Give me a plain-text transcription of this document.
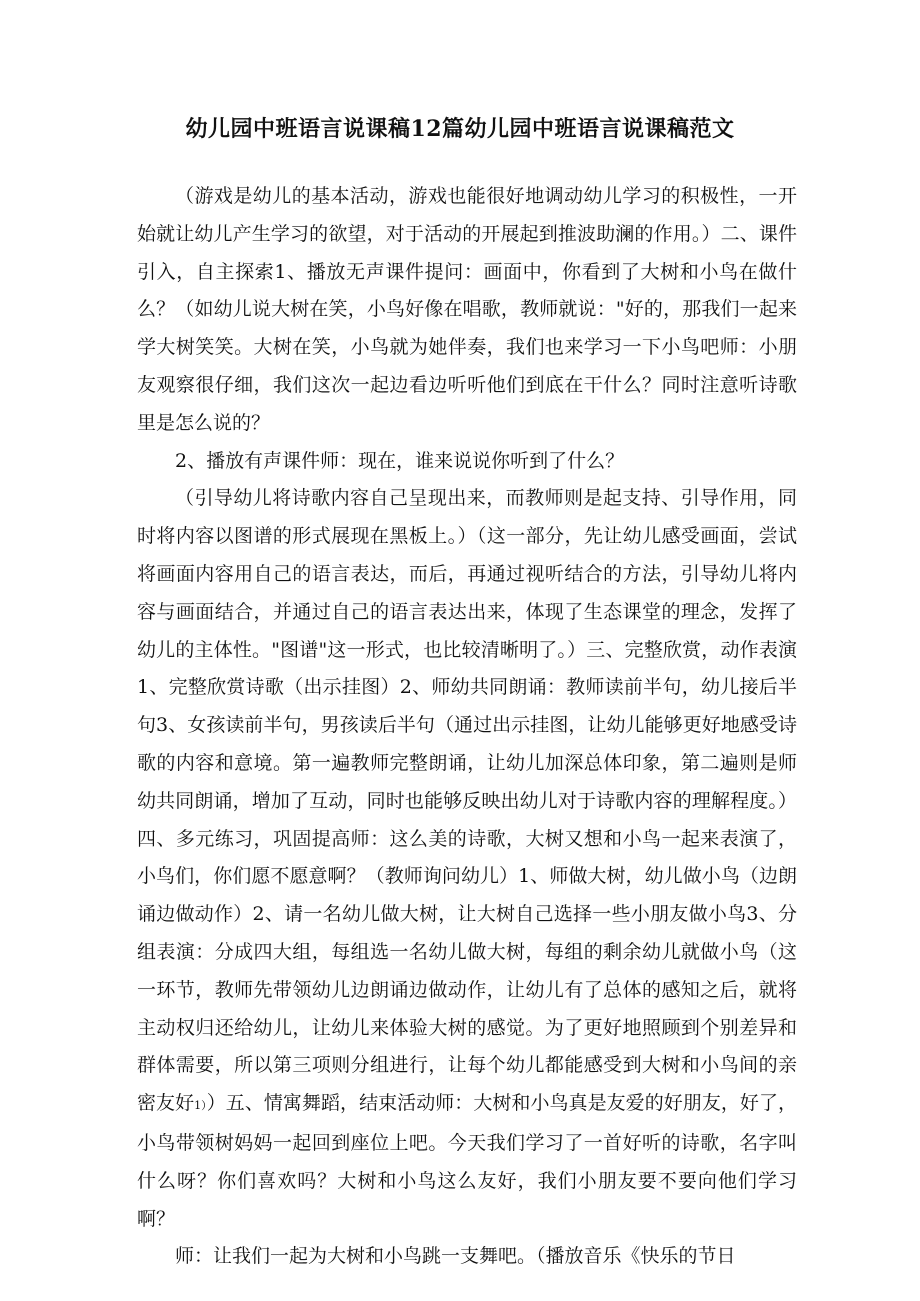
幼儿园中班语言说课稿12篇幼儿园中班语言说课稿范文

（游戏是幼儿的基本活动，游戏也能很好地调动幼儿学习的积极性，一开始就让幼儿产生学习的欲望，对于活动的开展起到推波助澜的作用。）二、课件引入，自主探索1、播放无声课件提问：画面中，你看到了大树和小鸟在做什么？（如幼儿说大树在笑，小鸟好像在唱歌，教师就说："好的，那我们一起来学大树笑笑。大树在笑，小鸟就为她伴奏，我们也来学习一下小鸟吧师：小朋友观察很仔细，我们这次一起边看边听听他们到底在干什么？同时注意听诗歌里是怎么说的？

2、播放有声课件师：现在，谁来说说你听到了什么？

（引导幼儿将诗歌内容自己呈现出来，而教师则是起支持、引导作用，同时将内容以图谱的形式展现在黑板上。）（这一部分，先让幼儿感受画面，尝试将画面内容用自己的语言表达，而后，再通过视听结合的方法，引导幼儿将内容与画面结合，并通过自己的语言表达出来，体现了生态课堂的理念，发挥了幼儿的主体性。"图谱"这一形式，也比较清晰明了。）三、完整欣赏，动作表演1、完整欣赏诗歌（出示挂图）2、师幼共同朗诵：教师读前半句，幼儿接后半句3、女孩读前半句，男孩读后半句（通过出示挂图，让幼儿能够更好地感受诗歌的内容和意境。第一遍教师完整朗诵，让幼儿加深总体印象，第二遍则是师幼共同朗诵，增加了互动，同时也能够反映出幼儿对于诗歌内容的理解程度。）四、多元练习，巩固提高师：这么美的诗歌，大树又想和小鸟一起来表演了，小鸟们，你们愿不愿意啊？（教师询问幼儿）1、师做大树，幼儿做小鸟（边朗诵边做动作）2、请一名幼儿做大树，让大树自己选择一些小朋友做小鸟3、分组表演：分成四大组，每组选一名幼儿做大树，每组的剩余幼儿就做小鸟（这一环节，教师先带领幼儿边朗诵边做动作，让幼儿有了总体的感知之后，就将主动权归还给幼儿，让幼儿来体验大树的感觉。为了更好地照顾到个别差异和群体需要，所以第三项则分组进行，让每个幼儿都能感受到大树和小鸟间的亲密友好1））五、情寓舞蹈，结束活动师：大树和小鸟真是友爱的好朋友，好了，小鸟带领树妈妈一起回到座位上吧。今天我们学习了一首好听的诗歌，名字叫什么呀？你们喜欢吗？大树和小鸟这么友好，我们小朋友要不要向他们学习啊？

师：让我们一起为大树和小鸟跳一支舞吧。（播放音乐《快乐的节日
